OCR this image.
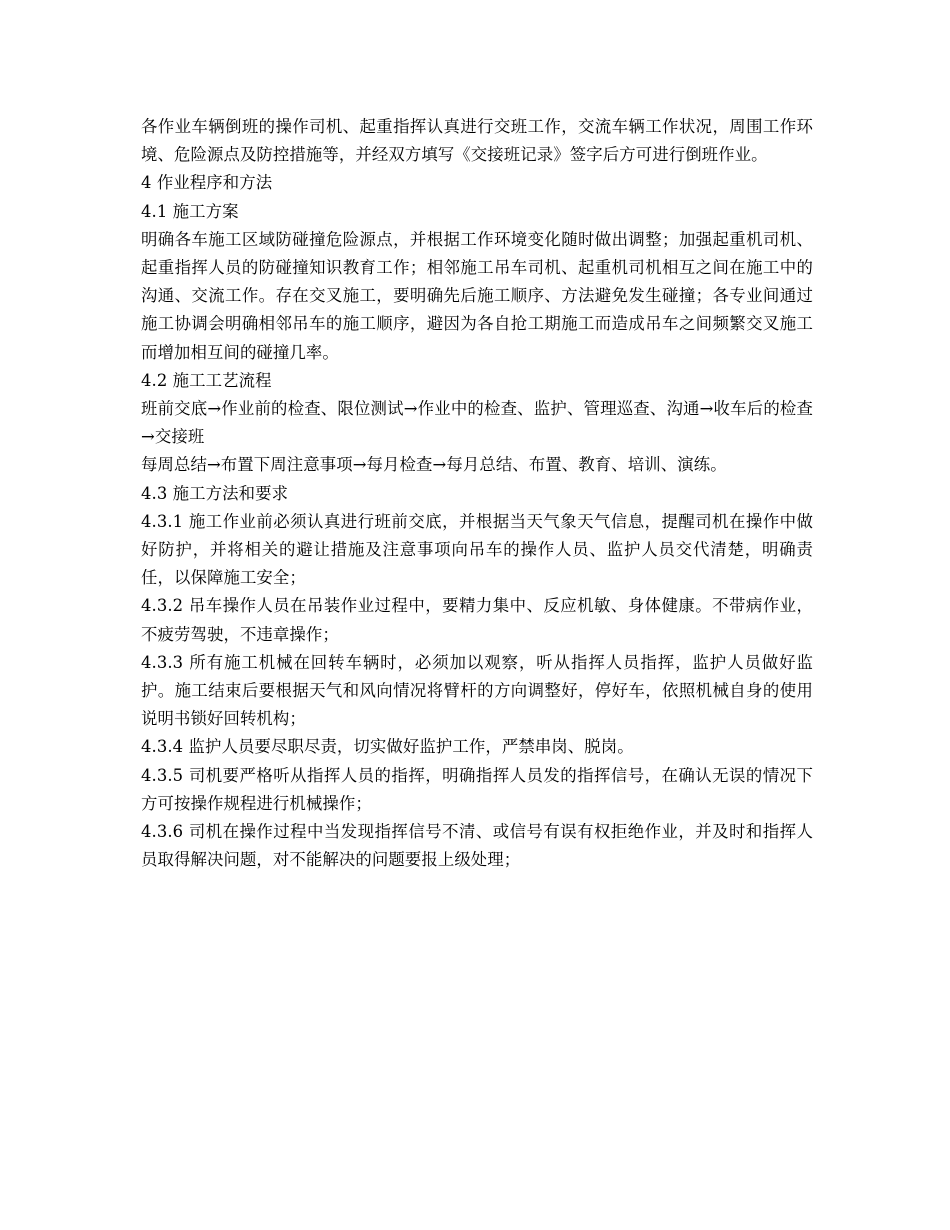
各作业车辆倒班的操作司机、起重指挥认真进行交班工作，交流车辆工作状况，周围工作环境、危险源点及防控措施等，并经双方填写《交接班记录》签字后方可进行倒班作业。

4 作业程序和方法

4.1 施工方案

明确各车施工区域防碰撞危险源点，并根据工作环境变化随时做出调整；加强起重机司机、起重指挥人员的防碰撞知识教育工作；相邻施工吊车司机、起重机司机相互之间在施工中的沟通、交流工作。存在交叉施工，要明确先后施工顺序、方法避免发生碰撞；各专业间通过施工协调会明确相邻吊车的施工顺序，避因为各自抢工期施工而造成吊车之间频繁交叉施工而增加相互间的碰撞几率。

4.2 施工工艺流程

班前交底→作业前的检查、限位测试→作业中的检查、监护、管理巡查、沟通→收车后的检查→交接班

每周总结→布置下周注意事项→每月检查→每月总结、布置、教育、培训、演练。

4.3 施工方法和要求

4.3.1 施工作业前必须认真进行班前交底，并根据当天气象天气信息，提醒司机在操作中做好防护，并将相关的避让措施及注意事项向吊车的操作人员、监护人员交代清楚，明确责任，以保障施工安全；

4.3.2 吊车操作人员在吊装作业过程中，要精力集中、反应机敏、身体健康。不带病作业，不疲劳驾驶，不违章操作；

4.3.3 所有施工机械在回转车辆时，必须加以观察，听从指挥人员指挥，监护人员做好监护。施工结束后要根据天气和风向情况将臂杆的方向调整好，停好车，依照机械自身的使用说明书锁好回转机构；

4.3.4 监护人员要尽职尽责，切实做好监护工作，严禁串岗、脱岗。

4.3.5 司机要严格听从指挥人员的指挥，明确指挥人员发的指挥信号，在确认无误的情况下方可按操作规程进行机械操作；

4.3.6 司机在操作过程中当发现指挥信号不清、或信号有误有权拒绝作业，并及时和指挥人员取得解决问题，对不能解决的问题要报上级处理；
